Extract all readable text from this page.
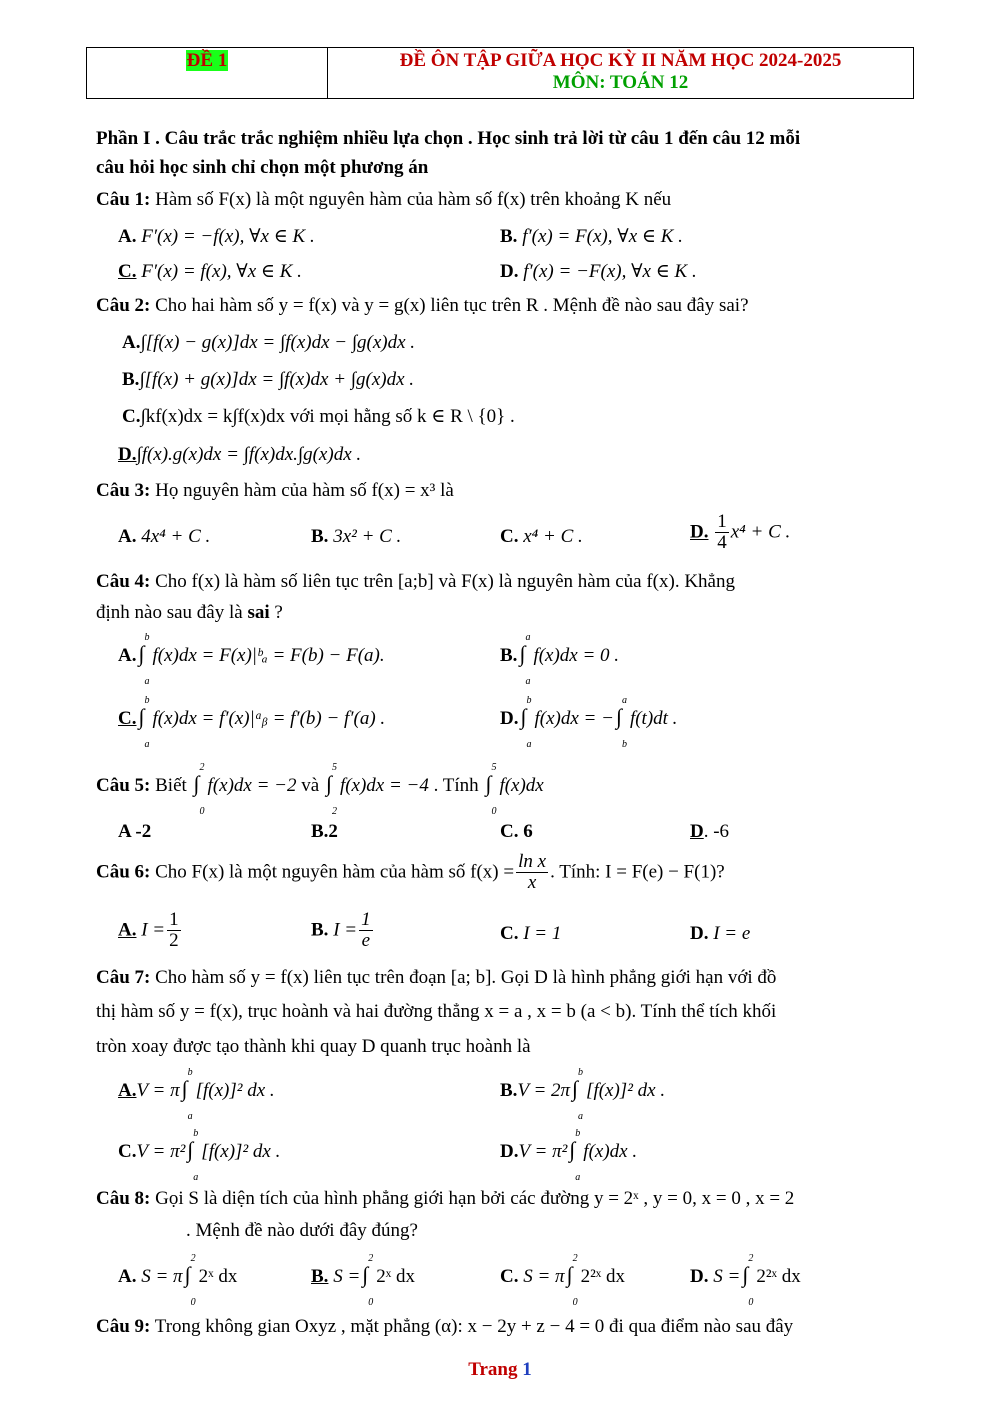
ĐỀ 1	ĐỀ ÔN TẬP GIỮA HỌC KỲ II NĂM HỌC 2024-2025
MÔN: TOÁN 12
Phần I . Câu trắc trắc nghiệm nhiều lựa chọn . Học sinh trả lời từ câu 1 đến câu 12 mỗi
câu hỏi học sinh chỉ chọn một phương án
Câu 1: Hàm số F(x) là một nguyên hàm của hàm số f(x) trên khoảng K nếu
A. F′(x) = −f(x), ∀x ∈ K .	B. f′(x) = F(x), ∀x ∈ K .
C. F′(x) = f(x), ∀x ∈ K .	D. f′(x) = −F(x), ∀x ∈ K .
Câu 2: Cho hai hàm số y = f(x) và y = g(x) liên tục trên R . Mệnh đề nào sau đây sai?
A.∫[f(x) − g(x)]dx = ∫f(x)dx − ∫g(x)dx .
B.∫[f(x) + g(x)]dx = ∫f(x)dx + ∫g(x)dx .
C.∫kf(x)dx = k∫f(x)dx với mọi hằng số k ∈ R \ {0} .
D.∫f(x).g(x)dx = ∫f(x)dx.∫g(x)dx .
Câu 3: Họ nguyên hàm của hàm số f(x) = x³ là
A. 4x⁴ + C .	B. 3x² + C .	C. x⁴ + C .	D. $\frac{1}{4} x^4 + C$ .
Câu 4: Cho f(x) là hàm số liên tục trên [a;b] và F(x) là nguyên hàm của f(x). Khẳng
định nào sau đây là sai ?
A.∫
b
a
f(x)dx = F(x)|ᵇₐ = F(b) − F(a).	B.∫
a
a
f(x)dx = 0 .
C.∫
b
a
f(x)dx = f′(x)|ᵃᵦ = f′(b) − f′(a) .	D.∫
b
a
f(x)dx = −∫
a
b
f(t)dt .
Câu 5: Biết ∫
2
0
f(x)dx = −2 và ∫
5
2
f(x)dx = −4 . Tính ∫
5
0
f(x)dx
A -2	B.2	C. 6	D. -6
Câu 6: Cho F(x) là một nguyên hàm của hàm số $f(x) = \frac{\text{ln x}}{x}$ . Tính: I = F(e) − F(1)?
A. $I = \frac{1}{2}$	B. $I = \frac{1}{e}$	C. I = 1	D. I = e
Câu 7: Cho hàm số y = f(x) liên tục trên đoạn [a; b]. Gọi D là hình phẳng giới hạn với đồ
thị hàm số y = f(x), trục hoành và hai đường thẳng x = a , x = b (a < b). Tính thể tích khối
tròn xoay được tạo thành khi quay D quanh trục hoành là
A.V = π∫
b
a
[f(x)]² dx .	B.V = 2π∫
b
a
[f(x)]² dx .
C.V = π²∫
b
a
[f(x)]² dx .	D.V = π²∫
b
a
f(x)dx .
Câu 8: Gọi S là diện tích của hình phẳng giới hạn bởi các đường y = 2ˣ , y = 0, x = 0 , x = 2
. Mệnh đề nào dưới đây đúng?
A. S = π∫
2
0
2ˣ dx	B. S =∫
2
0
2ˣ dx	C. S = π∫
2
0
2²ˣ dx	D. S =∫
2
0
2²ˣ dx
Câu 9: Trong không gian Oxyz , mặt phẳng (α): x − 2y + z − 4 = 0 đi qua điểm nào sau đây
Trang 1
